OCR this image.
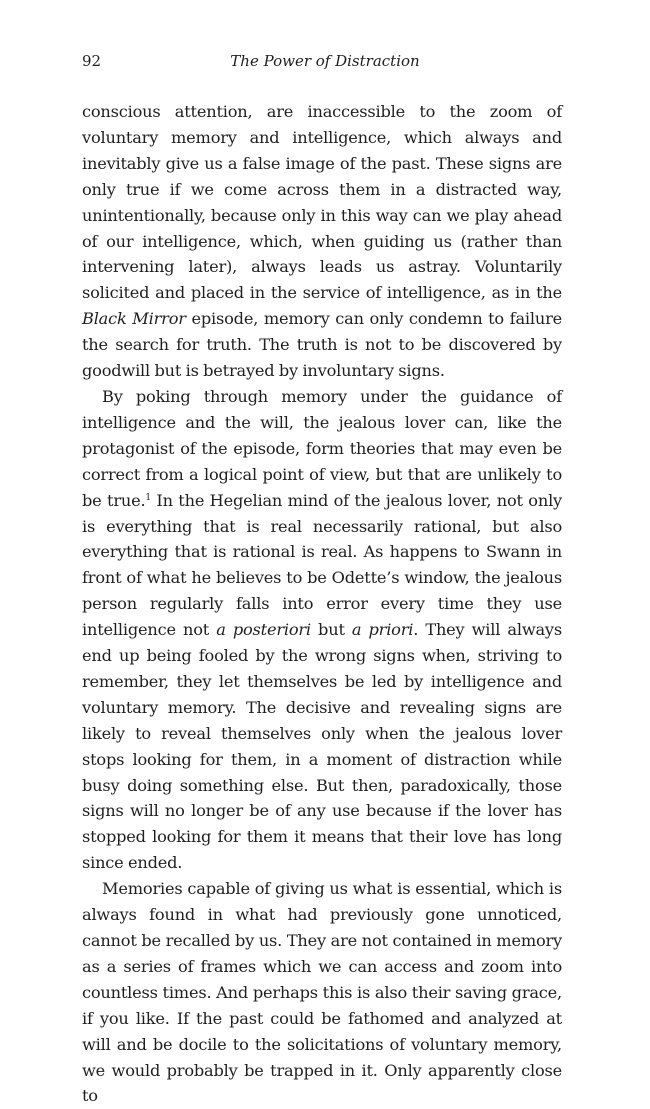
92	The Power of Distraction

conscious attention, are inaccessible to the zoom of voluntary memory and intelligence, which always and inevitably give us a false image of the past. These signs are only true if we come across them in a distracted way, unintentionally, because only in this way can we play ahead of our intelligence, which, when guiding us (rather than intervening later), always leads us astray. Voluntarily solicited and placed in the service of intelligence, as in the Black Mirror episode, memory can only condemn to failure the search for truth. The truth is not to be discovered by goodwill but is betrayed by involuntary signs.

By poking through memory under the guidance of intelligence and the will, the jealous lover can, like the protagonist of the episode, form theories that may even be correct from a logical point of view, but that are unlikely to be true.$^1$ In the Hegelian mind of the jealous lover, not only is everything that is real necessarily rational, but also everything that is rational is real. As happens to Swann in front of what he believes to be Odette’s window, the jealous person regularly falls into error every time they use intelligence not a posteriori but a priori. They will always end up being fooled by the wrong signs when, striving to remember, they let themselves be led by intelligence and voluntary memory. The decisive and revealing signs are likely to reveal themselves only when the jealous lover stops looking for them, in a moment of distraction while busy doing something else. But then, paradoxically, those signs will no longer be of any use because if the lover has stopped looking for them it means that their love has long since ended.

Memories capable of giving us what is essential, which is always found in what had previously gone unnoticed, cannot be recalled by us. They are not contained in memory as a series of frames which we can access and zoom into countless times. And perhaps this is also their saving grace, if you like. If the past could be fathomed and analyzed at will and be docile to the solicitations of voluntary memory, we would probably be trapped in it. Only apparently close to
